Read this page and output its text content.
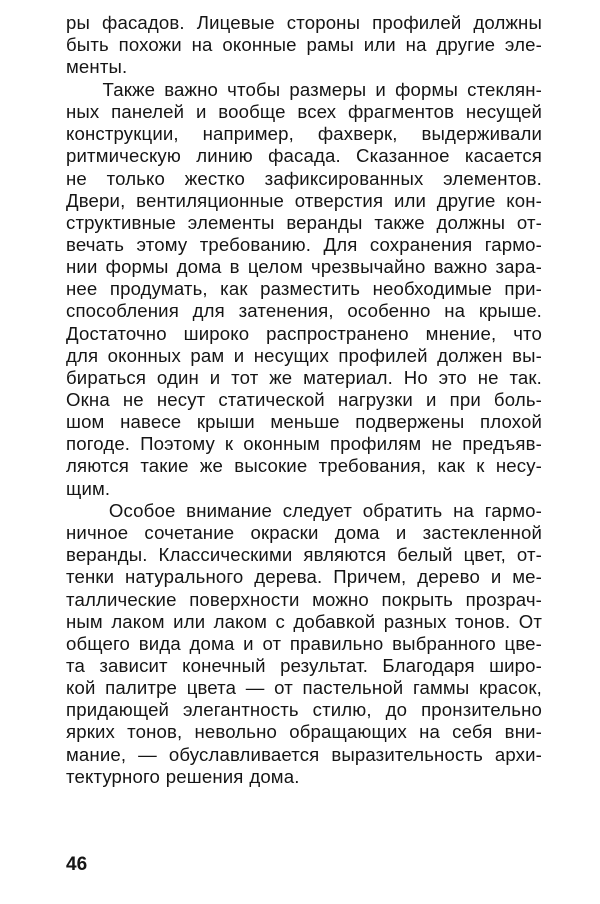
ры фасадов. Лицевые стороны профилей должны
быть похожи на оконные рамы или на другие эле-
менты.
Также важно чтобы размеры и формы стеклян-
ных панелей и вообще всех фрагментов несущей
конструкции, например, фахверк, выдерживали
ритмическую линию фасада. Сказанное касается
не только жестко зафиксированных элементов.
Двери, вентиляционные отверстия или другие кон-
структивные элементы веранды также должны от-
вечать этому требованию. Для сохранения гармо-
нии формы дома в целом чрезвычайно важно зара-
нее продумать, как разместить необходимые при-
способления для затенения, особенно на крыше.
Достаточно широко распространено мнение, что
для оконных рам и несущих профилей должен вы-
бираться один и тот же материал. Но это не так.
Окна не несут статической нагрузки и при боль-
шом навесе крыши меньше подвержены плохой
погоде. Поэтому к оконным профилям не предъяв-
ляются такие же высокие требования, как к несу-
щим.
Особое внимание следует обратить на гармо-
ничное сочетание окраски дома и застекленной
веранды. Классическими являются белый цвет, от-
тенки натурального дерева. Причем, дерево и ме-
таллические поверхности можно покрыть прозрач-
ным лаком или лаком с добавкой разных тонов. От
общего вида дома и от правильно выбранного цве-
та зависит конечный результат. Благодаря широ-
кой палитре цвета — от пастельной гаммы красок,
придающей элегантность стилю, до пронзительно
ярких тонов, невольно обращающих на себя вни-
мание, — обуславливается выразительность архи-
тектурного решения дома.
46
